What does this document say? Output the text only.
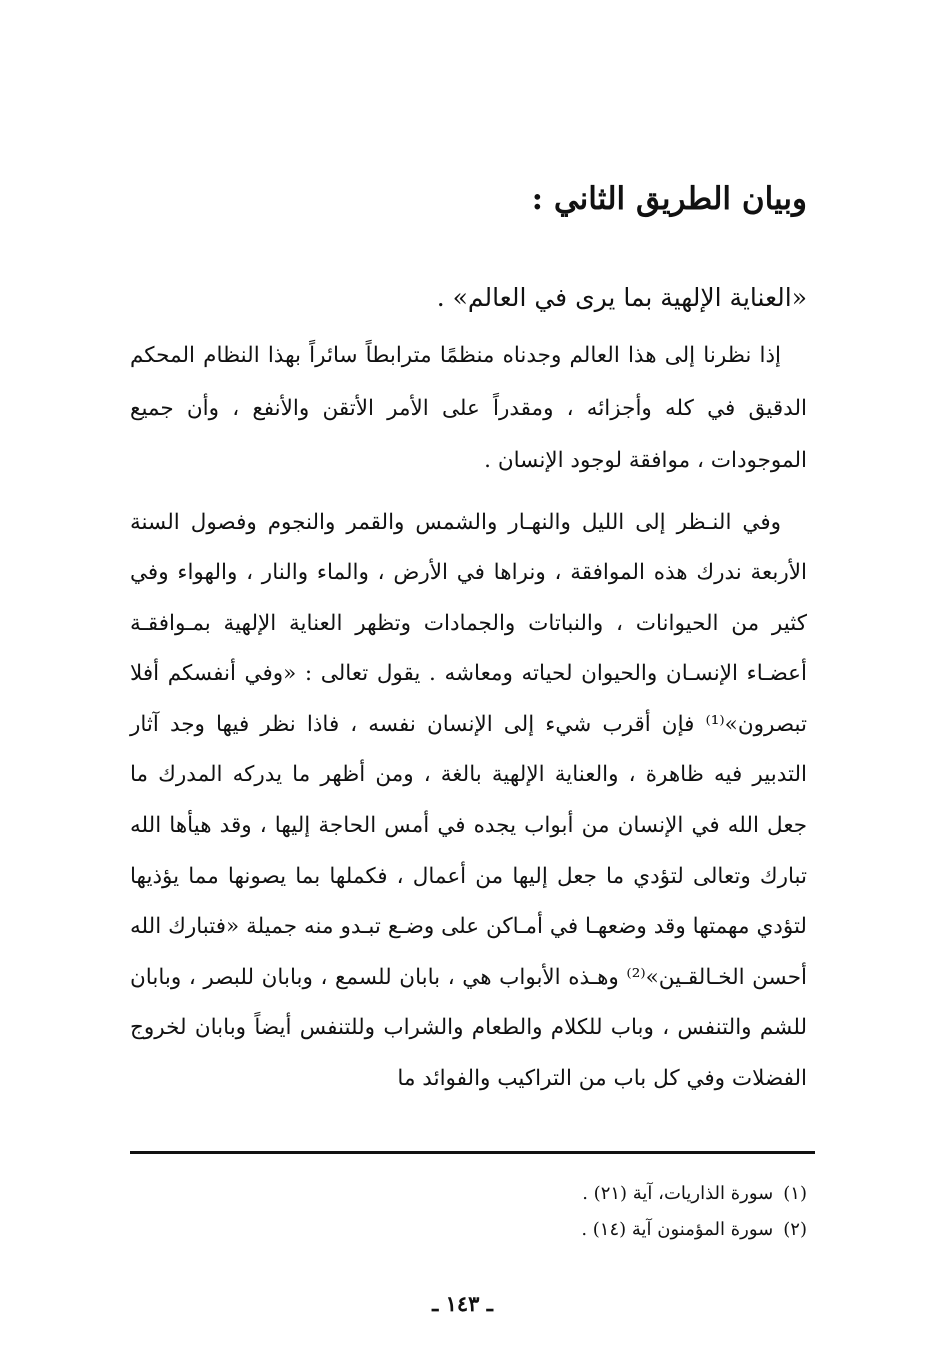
وبيان الطريق الثاني :
«العناية الإلهية بما يرى في العالم» .

إذا نظرنا إلى هذا العالم وجدناه منظمًا مترابطاً سائراً بهذا النظام المحكم الدقيق في كله وأجزائه ، ومقدراً على الأمر الأتقن والأنفع ، وأن جميع الموجودات ، موافقة لوجود الإنسان .

وفي النـظر إلى الليل والنهـار والشمس والقمر والنجوم وفصول السنة الأربعة ندرك هذه الموافقة ، ونراها في الأرض ، والماء والنار ، والهواء وفي كثير من الحيوانات ، والنباتات والجمادات وتظهر العناية الإلهية بمـوافقـة أعضـاء الإنسـان والحيوان لحياته ومعاشه . يقول تعالى : «وفي أنفسكم أفلا تبصرون»⁽¹⁾ فإن أقرب شيء إلى الإنسان نفسه ، فاذا نظر فيها وجد آثار التدبير فيه ظاهرة ، والعناية الإلهية بالغة ، ومن أظهر ما يدركه المدرك ما جعل الله في الإنسان من أبواب يجده في أمس الحاجة إليها ، وقد هيأها الله تبارك وتعالى لتؤدي ما جعل إليها من أعمال ، فكملها بما يصونها مما يؤذيها لتؤدي مهمتها وقد وضعهـا في أمـاكن على وضـع تبـدو منه جميلة «فتبارك الله أحسن الخـالقـين»⁽²⁾ وهـذه الأبواب هي ، بابان للسمع ، وبابان للبصر ، وبابان للشم والتنفس ، وباب للكلام والطعام والشراب وللتنفس أيضاً وبابان لخروج الفضلات وفي كل باب من التراكيب والفوائد ما

(١)سورة الذاريات، آية (٢١) .
(٢)سورة المؤمنون آية (١٤) .
ـ ١٤٣ ـ
